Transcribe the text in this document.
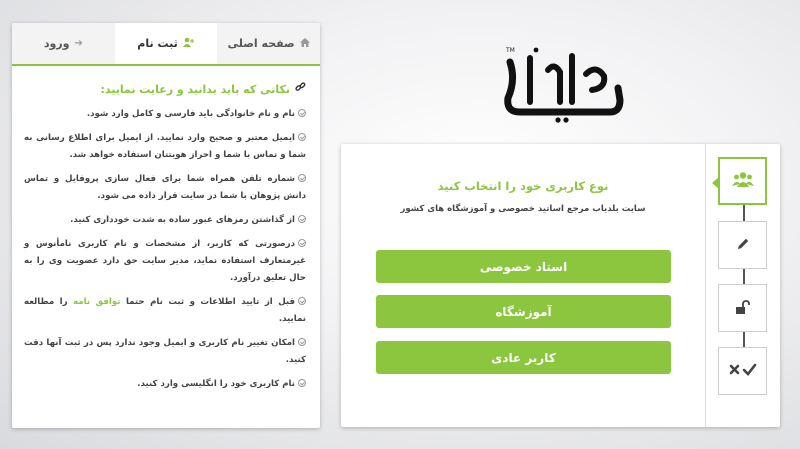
ورود ➔	ثبت نام	صفحه اصلی
نکاتی که باید بدانید و رعایت نمایید:
نام و نام خانوادگی باید فارسی و کامل وارد شود.
ایمیل معتبر و صحیح وارد نمایید. از ایمیل برای اطلاع رسانی به شما و تماس با شما و احراز هویتتان استفاده خواهد شد.
شماره تلفن همراه شما برای فعال سازی پروفایل و تماس دانش پژوهان با شما در سایت قرار داده می شود.
از گذاشتن رمزهای عبور ساده به شدت خودداری کنید.
درصورتی که کاربر، از مشخصات و نام کاربری نامأنوس و غیرمتعارف استفاده نماید، مدیر سایت حق دارد عضویت وی را به حال تعلیق درآورد.
قبل از تایید اطلاعات و ثبت نام حتما توافق نامه را مطالعه نمایید.
امکان تغییر نام کاربری و ایمیل وجود ندارد پس در ثبت آنها دقت کنید.
نام کاربری خود را انگلیسی وارد کنید.
TM
نوع کاربری خود را انتخاب کنید
سایت بلدیاب مرجع اساتید خصوصی و آموزشگاه های کشور
استاد خصوصی
آموزشگاه
کاربر عادی
